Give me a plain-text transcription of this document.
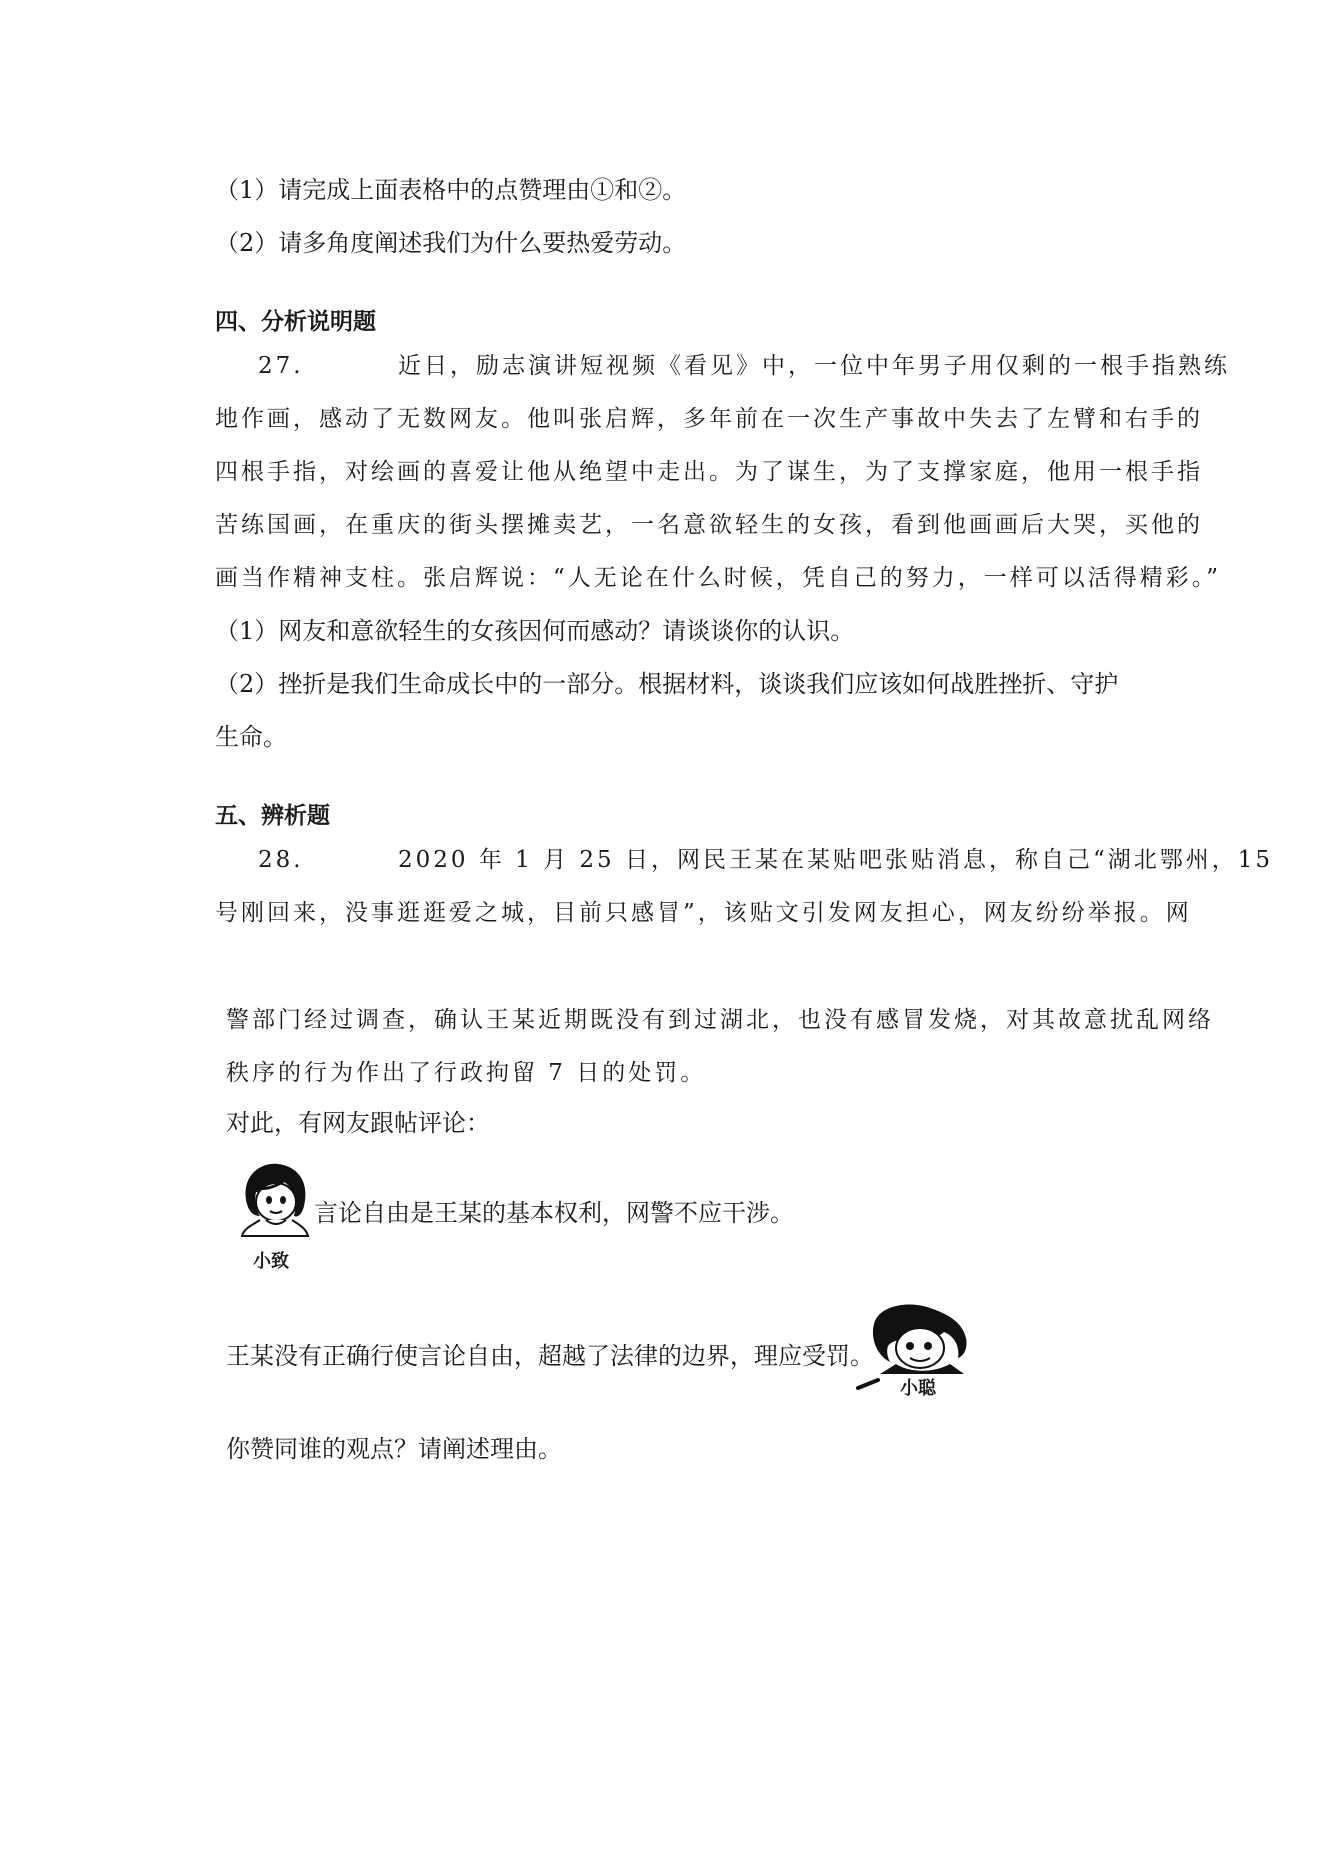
（1）请完成上面表格中的点赞理由①和②。
（2）请多角度阐述我们为什么要热爱劳动。
四、分析说明题
27.	近日，励志演讲短视频《看见》中，一位中年男子用仅剩的一根手指熟练
地作画，感动了无数网友。他叫张启辉，多年前在一次生产事故中失去了左臂和右手的
四根手指，对绘画的喜爱让他从绝望中走出。为了谋生，为了支撑家庭，他用一根手指
苦练国画，在重庆的街头摆摊卖艺，一名意欲轻生的女孩，看到他画画后大哭，买他的
画当作精神支柱。张启辉说：“人无论在什么时候，凭自己的努力，一样可以活得精彩。”
（1）网友和意欲轻生的女孩因何而感动？请谈谈你的认识。
（2）挫折是我们生命成长中的一部分。根据材料，谈谈我们应该如何战胜挫折、守护
生命。
五、辨析题
28.	2020 年 1 月 25 日，网民王某在某贴吧张贴消息，称自己“湖北鄂州，15
号刚回来，没事逛逛爱之城，目前只感冒”，该贴文引发网友担心，网友纷纷举报。网
警部门经过调查，确认王某近期既没有到过湖北，也没有感冒发烧，对其故意扰乱网络
秩序的行为作出了行政拘留 7 日的处罚。
对此，有网友跟帖评论：
言论自由是王某的基本权利，网警不应干涉。
小致
王某没有正确行使言论自由，超越了法律的边界，理应受罚。
小聪
你赞同谁的观点？请阐述理由。
